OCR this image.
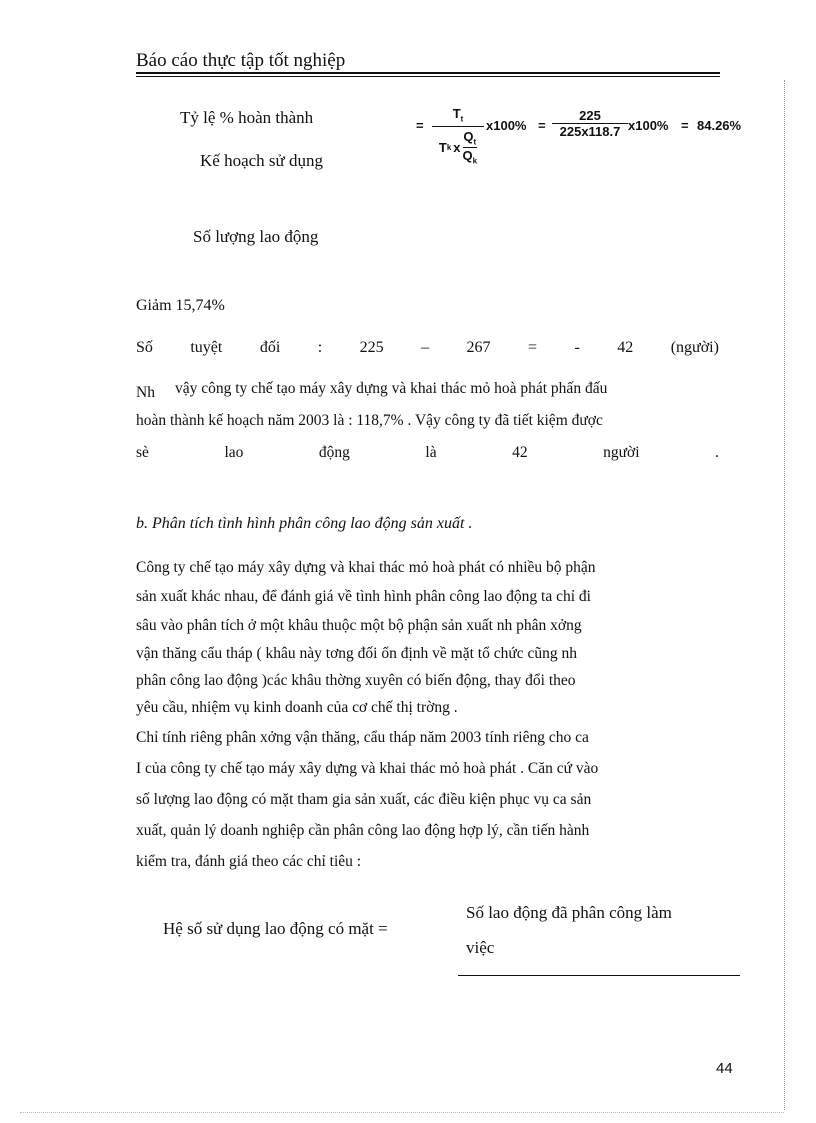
Báo cáo thực tập tốt nghiệp
Tỷ lệ % hoàn thành
Kế hoạch sử dụng
Số lượng lao động
=
$T_t$
T k x
$Q_t$
$Q_k$
x100% =
225
225x118.7 x100% = 84.26%
Giảm 15,74%
Số tuyệt đối : 225 – 267 = - 42 (người)
Nh vậy công ty chế tạo máy xây dựng và khai thác mỏ hoà phát phấn đấu
hoàn thành kế hoạch năm 2003 là : 118,7% . Vậy công ty đã tiết kiệm được
sè	lao	động	là	42	người	.
b. Phân tích tình hình phân công lao động sản xuất .
Công ty chế tạo máy xây dựng và khai thác mỏ hoà phát có nhiều bộ phận
sản xuất khác nhau, để đánh giá về tình hình phân công lao động ta chỉ đi
sâu vào phân tích ở một khâu thuộc một bộ phận sản xuất nh phân xởng
vận thăng cẩu tháp ( khâu này tơng đối ổn định về mặt tổ chức cũng nh
phân công lao động )các khâu thờng xuyên có biến động, thay đổi theo
yêu cầu, nhiệm vụ kinh doanh của cơ chế thị trờng .
Chỉ tính riêng phân xởng vận thăng, cẩu tháp năm 2003 tính riêng cho ca
I của công ty chế tạo máy xây dựng và khai thác mỏ hoà phát . Căn cứ vào
số lượng lao động có mặt tham gia sản xuất, các điều kiện phục vụ ca sản
xuất, quản lý doanh nghiệp cần phân công lao động hợp lý, cần tiến hành
kiểm tra, đánh giá theo các chỉ tiêu :
Hệ số sử dụng lao động có mặt =
Số lao động đã phân công làm
việc
44
